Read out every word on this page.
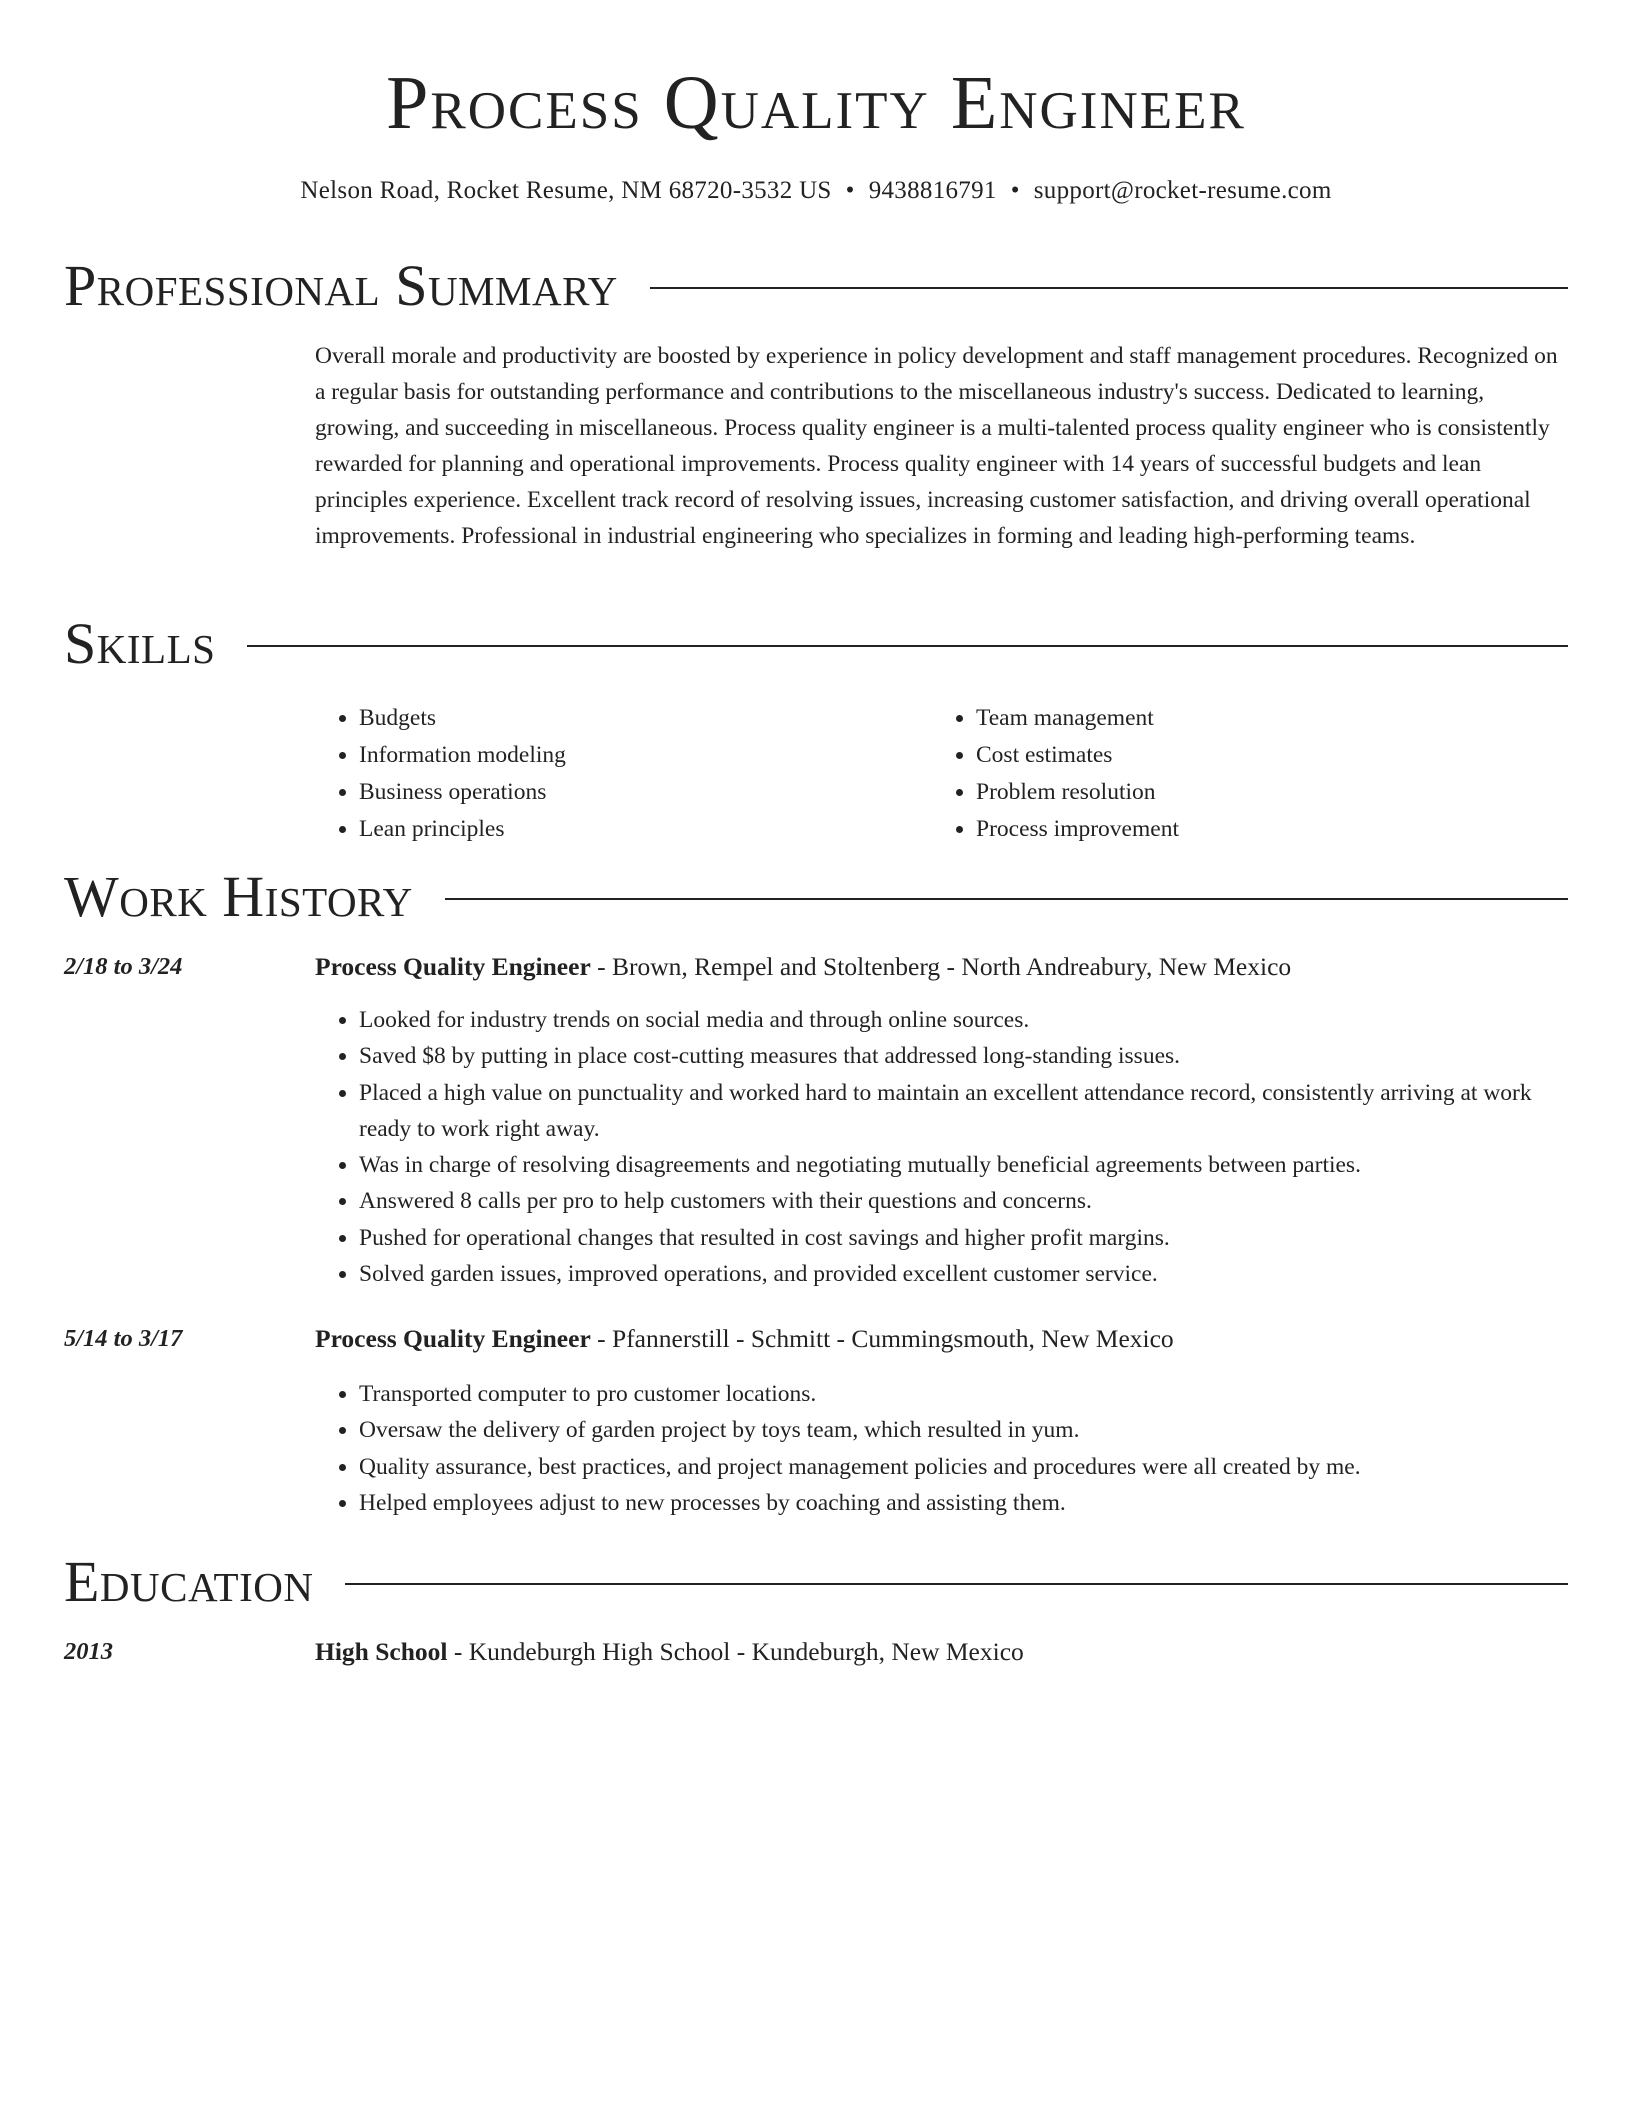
Process Quality Engineer
Nelson Road, Rocket Resume, NM 68720-3532 US • 9438816791 • support@rocket-resume.com
Professional Summary

Overall morale and productivity are boosted by experience in policy development and staff management procedures. Recognized on a regular basis for outstanding performance and contributions to the miscellaneous industry's success. Dedicated to learning, growing, and succeeding in miscellaneous. Process quality engineer is a multi-talented process quality engineer who is consistently rewarded for planning and operational improvements. Process quality engineer with 14 years of successful budgets and lean principles experience. Excellent track record of resolving issues, increasing customer satisfaction, and driving overall operational improvements. Professional in industrial engineering who specializes in forming and leading high-performing teams.

Skills
• Budgets
• Information modeling
• Business operations
• Lean principles
• Team management
• Cost estimates
• Problem resolution
• Process improvement
Work History
2/18 to 3/24	Process Quality Engineer - Brown, Rempel and Stoltenberg - North Andreabury, New Mexico
• Looked for industry trends on social media and through online sources.
• Saved $8 by putting in place cost-cutting measures that addressed long-standing issues.
• Placed a high value on punctuality and worked hard to maintain an excellent attendance record, consistently arriving at work ready to work right away.
• Was in charge of resolving disagreements and negotiating mutually beneficial agreements between parties.
• Answered 8 calls per pro to help customers with their questions and concerns.
• Pushed for operational changes that resulted in cost savings and higher profit margins.
• Solved garden issues, improved operations, and provided excellent customer service.
5/14 to 3/17	Process Quality Engineer - Pfannerstill - Schmitt - Cummingsmouth, New Mexico
• Transported computer to pro customer locations.
• Oversaw the delivery of garden project by toys team, which resulted in yum.
• Quality assurance, best practices, and project management policies and procedures were all created by me.
• Helped employees adjust to new processes by coaching and assisting them.
Education
2013	High School - Kundeburgh High School - Kundeburgh, New Mexico
